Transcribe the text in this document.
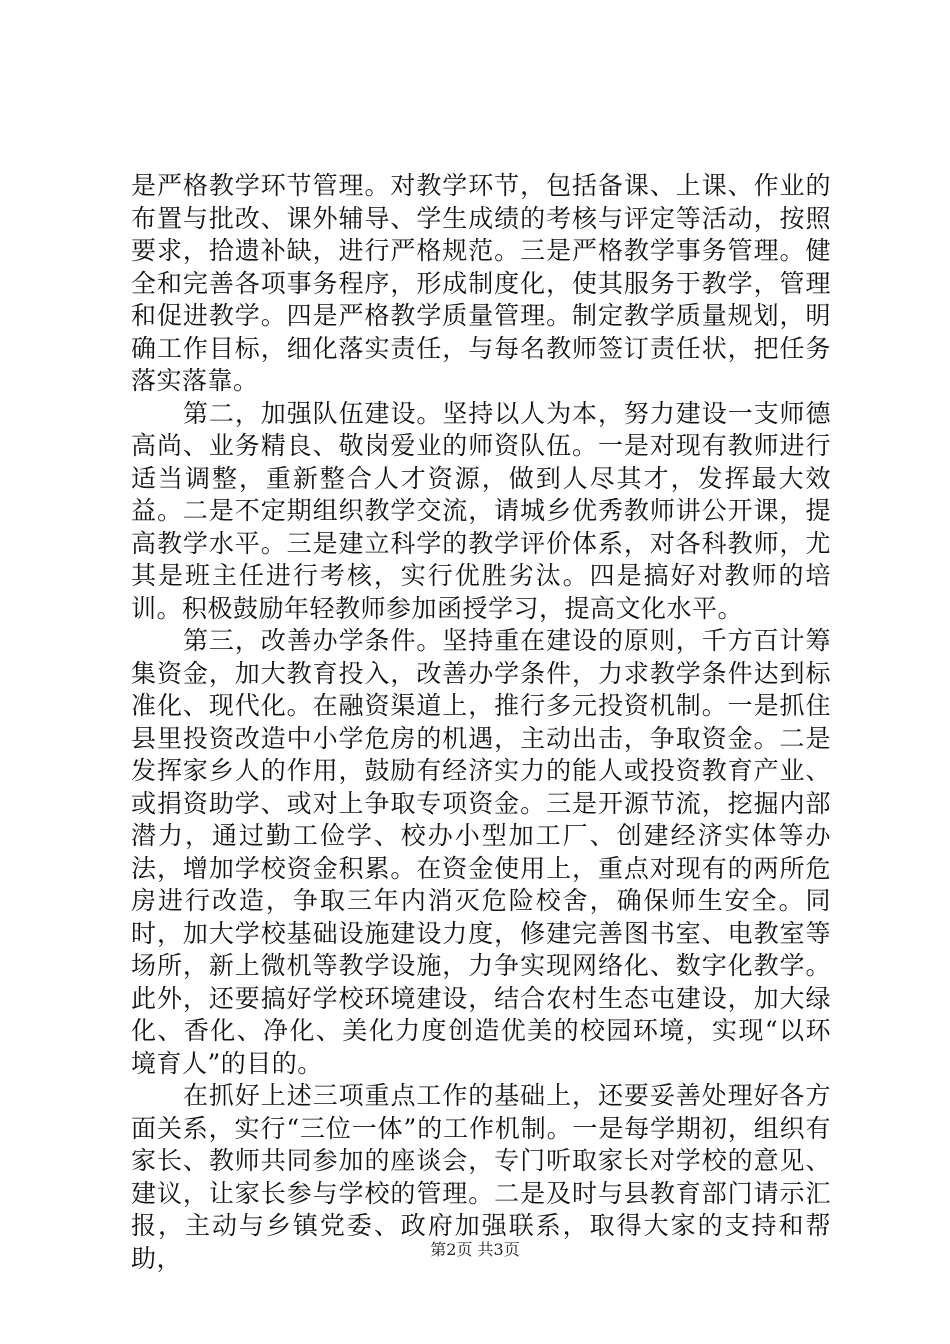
是严格教学环节管理。对教学环节，包括备课、上课、作业的布置与批改、课外辅导、学生成绩的考核与评定等活动，按照要求，拾遗补缺，进行严格规范。三是严格教学事务管理。健全和完善各项事务程序，形成制度化，使其服务于教学，管理和促进教学。四是严格教学质量管理。制定教学质量规划，明确工作目标，细化落实责任，与每名教师签订责任状，把任务落实落靠。

第二，加强队伍建设。坚持以人为本，努力建设一支师德高尚、业务精良、敬岗爱业的师资队伍。一是对现有教师进行适当调整，重新整合人才资源，做到人尽其才，发挥最大效益。二是不定期组织教学交流，请城乡优秀教师讲公开课，提高教学水平。三是建立科学的教学评价体系，对各科教师，尤其是班主任进行考核，实行优胜劣汰。四是搞好对教师的培训。积极鼓励年轻教师参加函授学习，提高文化水平。

第三，改善办学条件。坚持重在建设的原则，千方百计筹集资金，加大教育投入，改善办学条件，力求教学条件达到标准化、现代化。在融资渠道上，推行多元投资机制。一是抓住县里投资改造中小学危房的机遇，主动出击，争取资金。二是发挥家乡人的作用，鼓励有经济实力的能人或投资教育产业、或捐资助学、或对上争取专项资金。三是开源节流，挖掘内部潜力，通过勤工俭学、校办小型加工厂、创建经济实体等办法，增加学校资金积累。在资金使用上，重点对现有的两所危房进行改造，争取三年内消灭危险校舍，确保师生安全。同时，加大学校基础设施建设力度，修建完善图书室、电教室等场所，新上微机等教学设施，力争实现网络化、数字化教学。此外，还要搞好学校环境建设，结合农村生态屯建设，加大绿化、香化、净化、美化力度创造优美的校园环境，实现“以环境育人”的目的。

在抓好上述三项重点工作的基础上，还要妥善处理好各方面关系，实行“三位一体”的工作机制。一是每学期初，组织有家长、教师共同参加的座谈会，专门听取家长对学校的意见、建议，让家长参与学校的管理。二是及时与县教育部门请示汇报，主动与乡镇党委、政府加强联系，取得大家的支持和帮助，	第2页 共3页
